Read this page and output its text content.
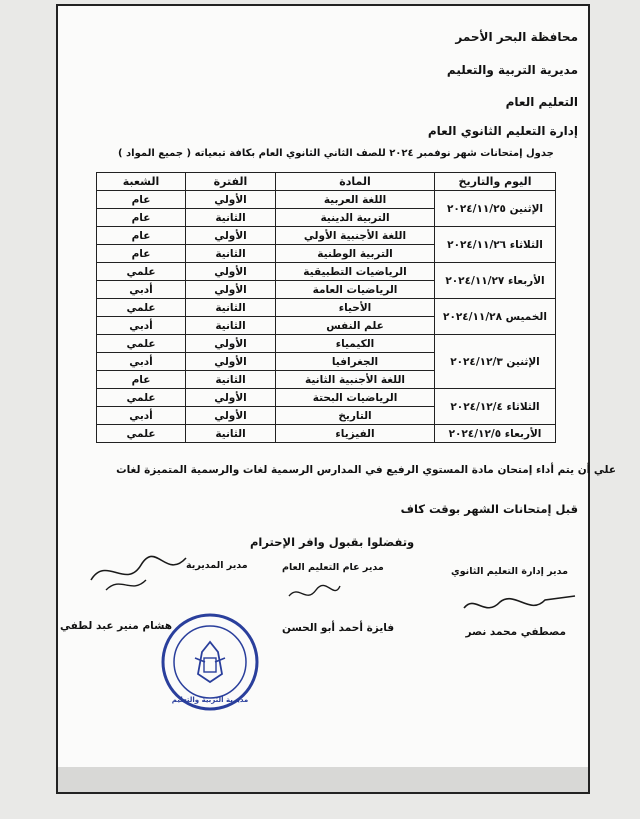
محافظة البحر الأحمر
مديرية التربية والتعليم
التعليم العام
إدارة التعليم الثانوي العام
جدول إمتحانات شهر نوفمبر ٢٠٢٤ للصف الثاني الثانوي العام بكافة تبعياته ( جميع المواد )
اليوم والتاريخ	المادة	الفترة	الشعبة
الإثنين ٢٠٢٤/١١/٢٥	اللغة العربية	الأولي	عام
	التربية الدينية	الثانية	عام
الثلاثاء ٢٠٢٤/١١/٢٦	اللغة الأجنبية الأولي	الأولي	عام
	التربية الوطنية	الثانية	عام
الأربعاء ٢٠٢٤/١١/٢٧	الرياضيات التطبيقية	الأولي	علمي
	الرياضيات العامة	الأولي	أدبي
الخميس ٢٠٢٤/١١/٢٨	الأحياء	الثانية	علمي
	علم النفس	الثانية	أدبي
الإثنين ٢٠٢٤/١٢/٣	الكيمياء	الأولي	علمي
	الجغرافيا	الأولي	أدبي
	اللغة الأجنبية الثانية	الثانية	عام
الثلاثاء ٢٠٢٤/١٢/٤	الرياضيات البحتة	الأولي	علمي
	التاريخ	الأولي	أدبي
الأربعاء ٢٠٢٤/١٢/٥	الفيزياء	الثانية	علمي
علي أن يتم أداء إمتحان مادة المستوي الرفيع في المدارس الرسمية لغات والرسمية المتميزة لغات
قبل إمتحانات الشهر بوقت كاف
وتفضلوا بقبول وافر الإحترام
مدير إدارة التعليم الثانوي
مدير عام التعليم العام
مدير المديرية
مصطفي محمد نصر
فايزة أحمد أبو الحسن
هشام منير عبد لطفي
مديرية التربية والتعليم
